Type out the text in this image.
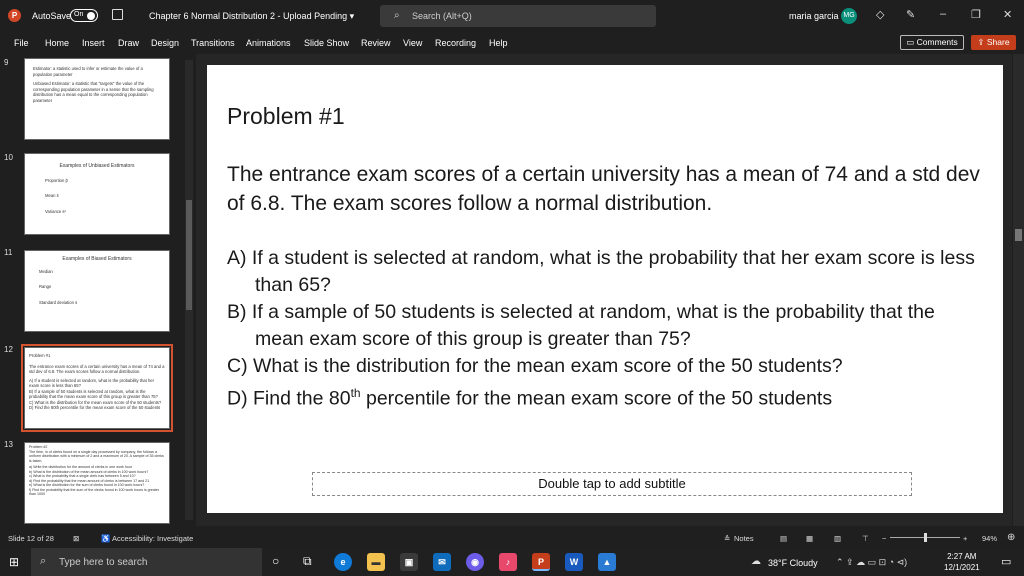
P	AutoSave On	Chapter 6 Normal Distribution 2 - Upload Pending ▾	⌕ Search (Alt+Q)	maria garcia MG ◇ ✎ – ❐ ✕
File Home Insert Draw Design Transitions Animations Slide Show Review View Recording Help	▭ Comments	⇪ Share
9

Estimator: a statistic used to infer or estimate the value of a population parameter

Unbiased Estimator: a statistic that "targets" the value of the corresponding population parameter in a sense that the sampling distribution has a mean equal to the corresponding population parameter

10

Examples of Unbiased Estimators

Proportion p̂

Mean x̄

Variance s²

11

Examples of Biased Estimators

Median

Range

Standard deviation s

12

Problem #1

The entrance exam scores of a certain university has a mean of 74 and a std dev of 6.8. The exam scores follow a normal distribution.

A) If a student is selected at random, what is the probability that her exam score is less than 65?

B) If a sample of 50 students is selected at random, what is the probability that the mean exam score of this group is greater than 75?

C) What is the distribution for the mean exam score of the 50 students?

D) Find the 80th percentile for the mean exam score of the 50 students

13	Problem #2

The time, in of clerks found on a single day processed by company, the follows a uniform distribution with a minimum of 2 and a maximum of 20. A sample of 35 clerks is taken.

a) Write the distribution for the amount of clerks in one work hour

b) What is the distribution of the mean amount of clerks in 100 work hours?

c) What is the probability that a single clerk has between 5 and 10?

d) Find the probability that the mean amount of clerks is between 17 and 21

e) What is the distribution for the sum of clerks found in 100 work hours?

f) Find the probability that the sum of the clerks found in 100 work hours is greater than 1000

Problem #1
The entrance exam scores of a certain university has a mean of 74 and a std dev of 6.8. The exam scores follow a normal distribution.
A) If a student is selected at random, what is the probability that her exam score is less than 65?
B) If a sample of 50 students is selected at random, what is the probability that the mean exam score of this group is greater than 75?
C) What is the distribution for the mean exam score of the 50 students?
D) Find the 80th percentile for the mean exam score of the 50 students
Double tap to add subtitle
Slide 12 of 28	⊠	♿ Accessibility: Investigate	≙ Notes	▤	▦	▥	⊤ −	+ 94% ⊕
⊞ ⌕ Type here to search	○ ⧉	e	▬	▣	✉	◉	♪	P	W	▲	☁ 38°F Cloudy ⌃ ⇪ ☁ ▭ ⊡ ◔ ⊲)
2:27 AM
12/1/2021 ▭
